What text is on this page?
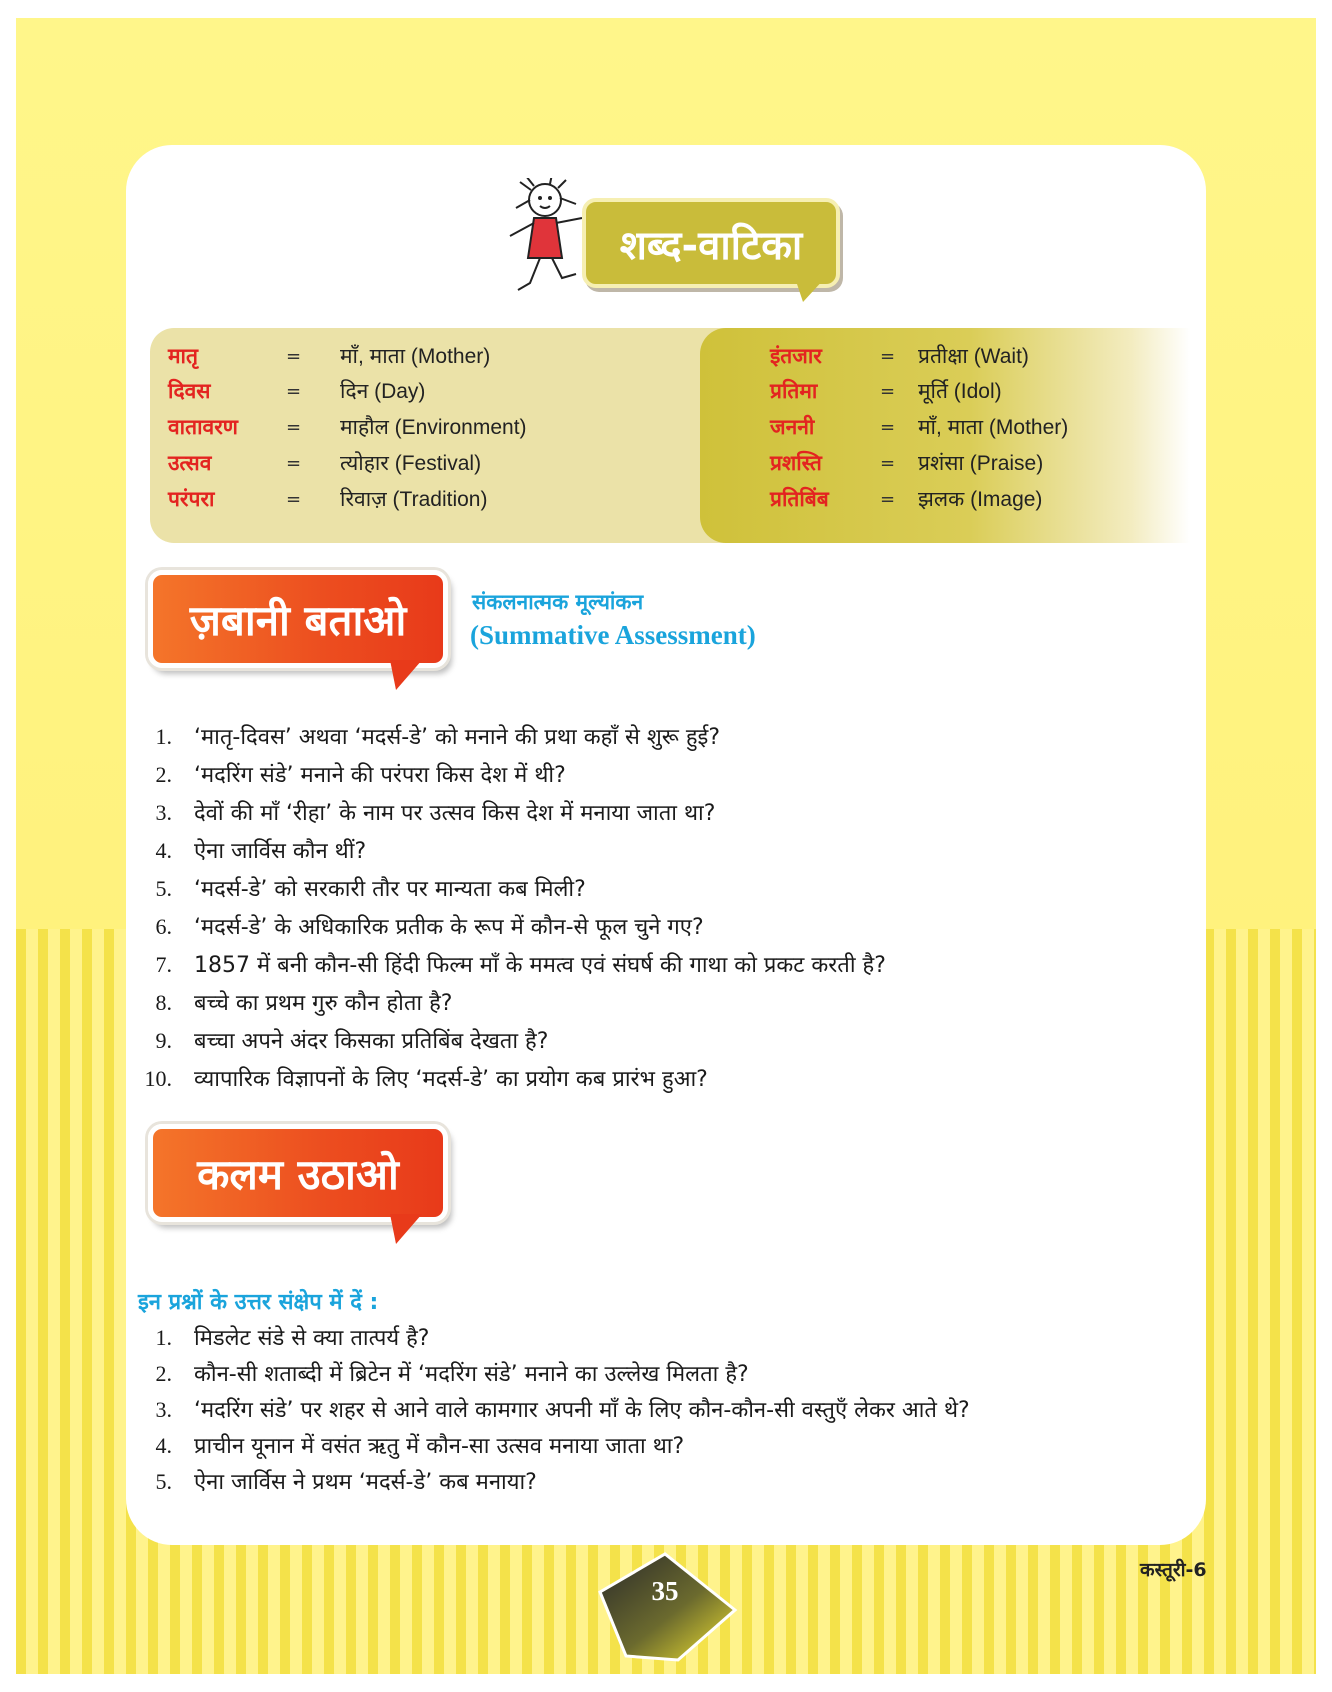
शब्द-वाटिका
मातृ	= माँ, माता (Mother)
दिवस	= दिन (Day)
वातावरण	= माहौल (Environment)
उत्सव	= त्योहार (Festival)
परंपरा	= रिवाज़ (Tradition)
इंतजार	= प्रतीक्षा (Wait)
प्रतिमा	= मूर्ति (Idol)
जननी	= माँ, माता (Mother)
प्रशस्ति	= प्रशंसा (Praise)
प्रतिबिंब	= झलक (Image)
ज़बानी बताओ	संकलनात्मक मूल्यांकन
(Summative Assessment)
1. ‘मातृ-दिवस’ अथवा ‘मदर्स-डे’ को मनाने की प्रथा कहाँ से शुरू हुई?
2. ‘मदरिंग संडे’ मनाने की परंपरा किस देश में थी?
3. देवों की माँ ‘रीहा’ के नाम पर उत्सव किस देश में मनाया जाता था?
4. ऐना जार्विस कौन थीं?
5. ‘मदर्स-डे’ को सरकारी तौर पर मान्यता कब मिली?
6. ‘मदर्स-डे’ के अधिकारिक प्रतीक के रूप में कौन-से फूल चुने गए?
7. 1857 में बनी कौन-सी हिंदी फिल्म माँ के ममत्व एवं संघर्ष की गाथा को प्रकट करती है?
8. बच्चे का प्रथम गुरु कौन होता है?
9. बच्चा अपने अंदर किसका प्रतिबिंब देखता है?
10. व्यापारिक विज्ञापनों के लिए ‘मदर्स-डे’ का प्रयोग कब प्रारंभ हुआ?
कलम उठाओ
इन प्रश्नों के उत्तर संक्षेप में दें :
1. मिडलेट संडे से क्या तात्पर्य है?
2. कौन-सी शताब्दी में ब्रिटेन में ‘मदरिंग संडे’ मनाने का उल्लेख मिलता है?
3. ‘मदरिंग संडे’ पर शहर से आने वाले कामगार अपनी माँ के लिए कौन-कौन-सी वस्तुएँ लेकर आते थे?
4. प्राचीन यूनान में वसंत ऋतु में कौन-सा उत्सव मनाया जाता था?
5. ऐना जार्विस ने प्रथम ‘मदर्स-डे’ कब मनाया?
35
कस्तूरी-6
